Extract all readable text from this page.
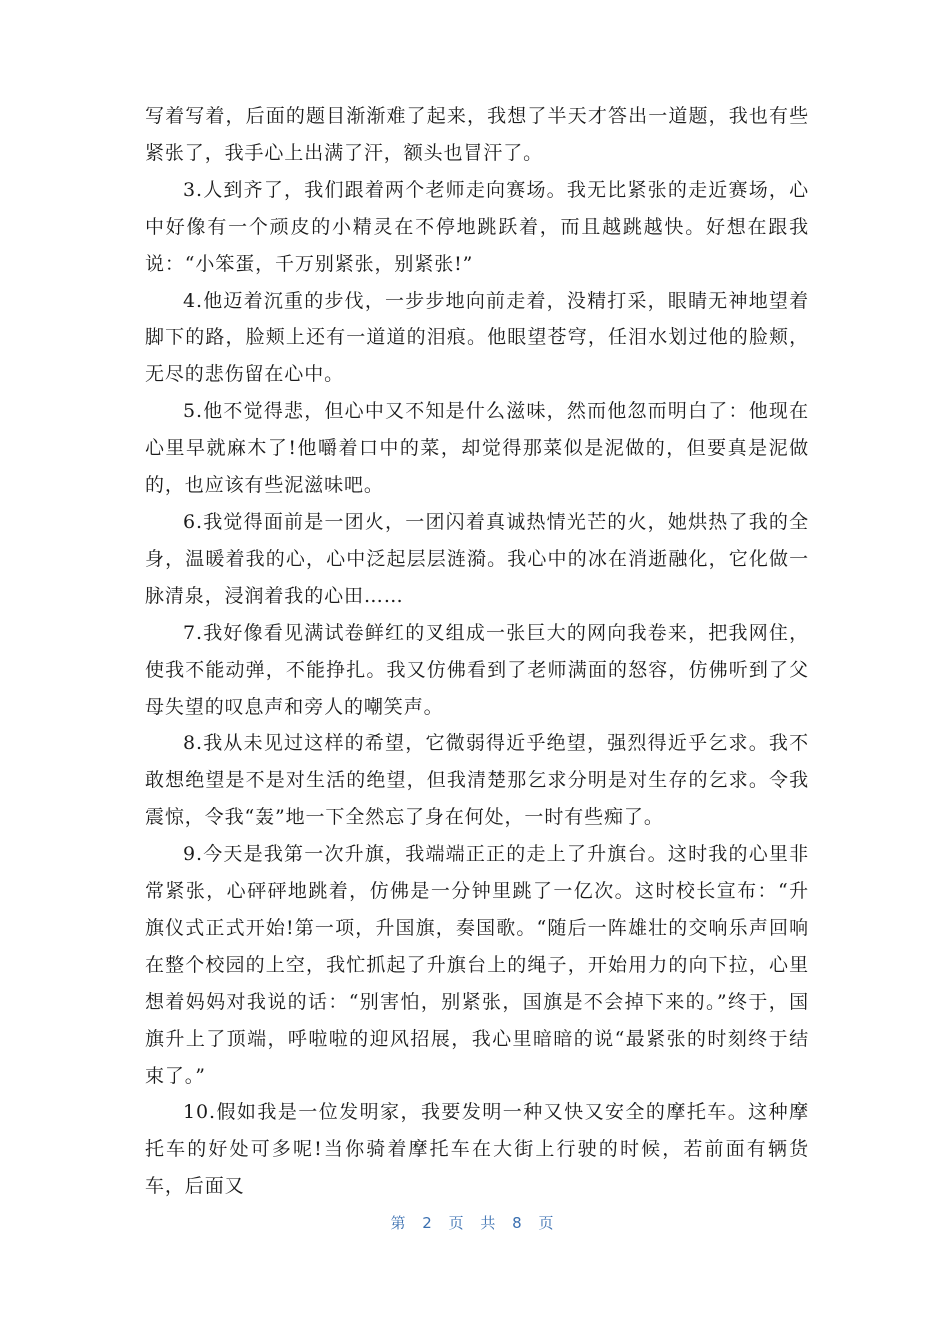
写着写着，后面的题目渐渐难了起来，我想了半天才答出一道题，我也有些紧张了，我手心上出满了汗，额头也冒汗了。

3.人到齐了，我们跟着两个老师走向赛场。我无比紧张的走近赛场，心中好像有一个顽皮的小精灵在不停地跳跃着，而且越跳越快。好想在跟我说：“小笨蛋，千万别紧张，别紧张!”

4.他迈着沉重的步伐，一步步地向前走着，没精打采，眼睛无神地望着脚下的路，脸颊上还有一道道的泪痕。他眼望苍穹，任泪水划过他的脸颊，无尽的悲伤留在心中。

5.他不觉得悲，但心中又不知是什么滋味，然而他忽而明白了：他现在心里早就麻木了!他嚼着口中的菜，却觉得那菜似是泥做的，但要真是泥做的，也应该有些泥滋味吧。

6.我觉得面前是一团火，一团闪着真诚热情光芒的火，她烘热了我的全身，温暖着我的心，心中泛起层层涟漪。我心中的冰在消逝融化，它化做一脉清泉，浸润着我的心田……

7.我好像看见满试卷鲜红的叉组成一张巨大的网向我卷来，把我网住，使我不能动弹，不能挣扎。我又仿佛看到了老师满面的怒容，仿佛听到了父母失望的叹息声和旁人的嘲笑声。

8.我从未见过这样的希望，它微弱得近乎绝望，强烈得近乎乞求。我不敢想绝望是不是对生活的绝望，但我清楚那乞求分明是对生存的乞求。令我震惊，令我“轰”地一下全然忘了身在何处，一时有些痴了。

9.今天是我第一次升旗，我端端正正的走上了升旗台。这时我的心里非常紧张，心砰砰地跳着，仿佛是一分钟里跳了一亿次。这时校长宣布：“升旗仪式正式开始!第一项，升国旗，奏国歌。“随后一阵雄壮的交响乐声回响在整个校园的上空，我忙抓起了升旗台上的绳子，开始用力的向下拉，心里想着妈妈对我说的话：“别害怕，别紧张，国旗是不会掉下来的。”终于，国旗升上了顶端，呼啦啦的迎风招展，我心里暗暗的说“最紧张的时刻终于结束了。”

10.假如我是一位发明家，我要发明一种又快又安全的摩托车。这种摩托车的好处可多呢!当你骑着摩托车在大街上行驶的时候，若前面有辆货车，后面又

第 2 页 共 8 页
